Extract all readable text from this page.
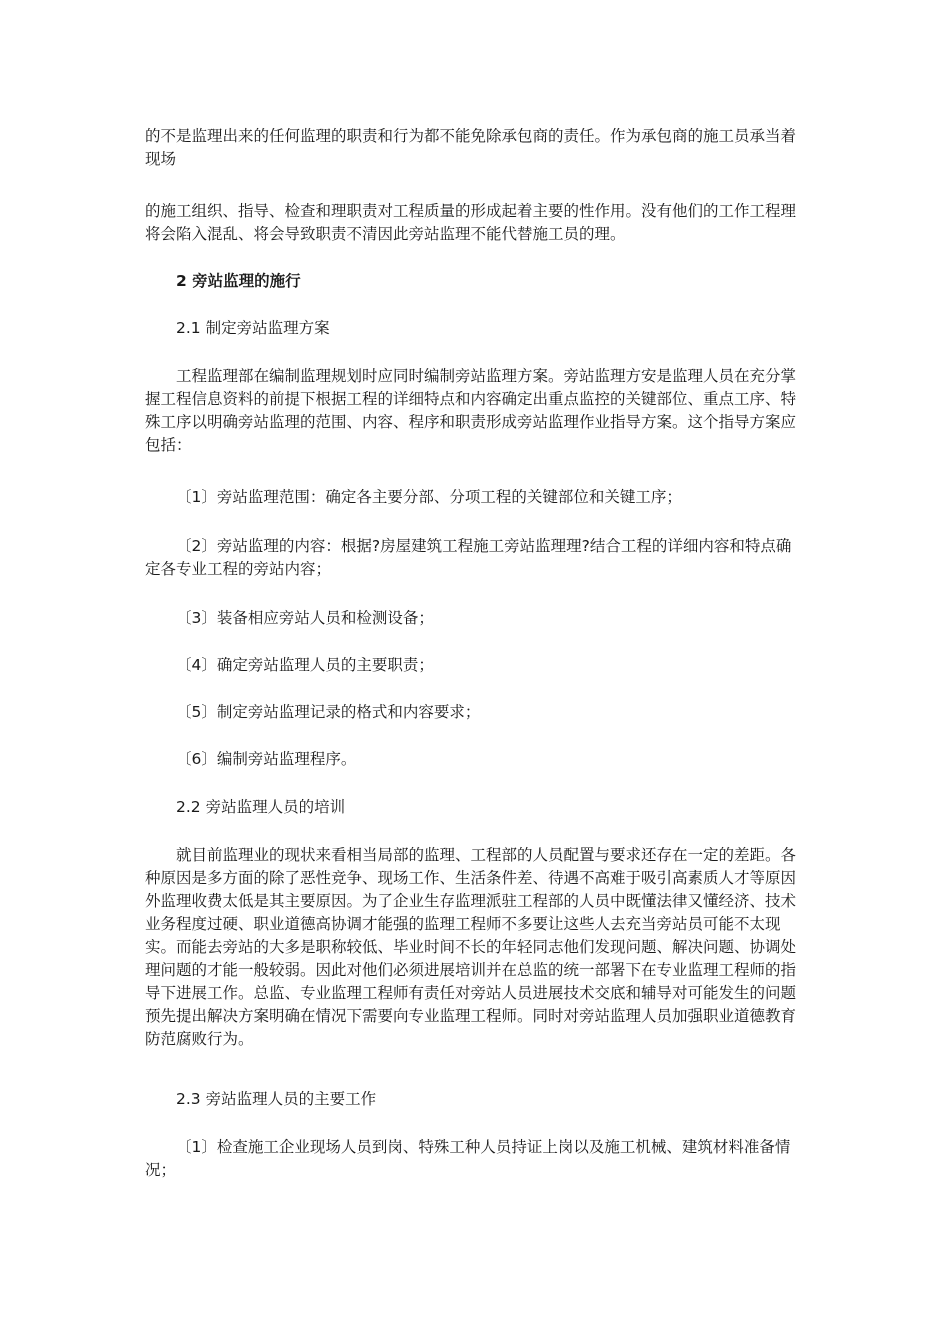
的不是监理出来的任何监理的职责和行为都不能免除承包商的责任。作为承包商的施工员承当着现场

的施工组织、指导、检查和理职责对工程质量的形成起着主要的性作用。没有他们的工作工程理将会陷入混乱、将会导致职责不清因此旁站监理不能代替施工员的理。

2 旁站监理的施行

2.1 制定旁站监理方案

工程监理部在编制监理规划时应同时编制旁站监理方案。旁站监理方安是监理人员在充分掌握工程信息资料的前提下根据工程的详细特点和内容确定出重点监控的关键部位、重点工序、特殊工序以明确旁站监理的范围、内容、程序和职责形成旁站监理作业指导方案。这个指导方案应包括：

〔1〕旁站监理范围：确定各主要分部、分项工程的关键部位和关键工序；

〔2〕旁站监理的内容：根据?房屋建筑工程施工旁站监理理?结合工程的详细内容和特点确定各专业工程的旁站内容；

〔3〕装备相应旁站人员和检测设备；

〔4〕确定旁站监理人员的主要职责；

〔5〕制定旁站监理记录的格式和内容要求；

〔6〕编制旁站监理程序。

2.2 旁站监理人员的培训

就目前监理业的现状来看相当局部的监理、工程部的人员配置与要求还存在一定的差距。各种原因是多方面的除了恶性竞争、现场工作、生活条件差、待遇不高难于吸引高素质人才等原因外监理收费太低是其主要原因。为了企业生存监理派驻工程部的人员中既懂法律又懂经济、技术业务程度过硬、职业道德高协调才能强的监理工程师不多要让这些人去充当旁站员可能不太现实。而能去旁站的大多是职称较低、毕业时间不长的年轻同志他们发现问题、解决问题、协调处理问题的才能一般较弱。因此对他们必须进展培训并在总监的统一部署下在专业监理工程师的指导下进展工作。总监、专业监理工程师有责任对旁站人员进展技术交底和辅导对可能发生的问题预先提出解决方案明确在情况下需要向专业监理工程师。同时对旁站监理人员加强职业道德教育防范腐败行为。

2.3 旁站监理人员的主要工作

〔1〕检查施工企业现场人员到岗、特殊工种人员持证上岗以及施工机械、建筑材料准备情况；
